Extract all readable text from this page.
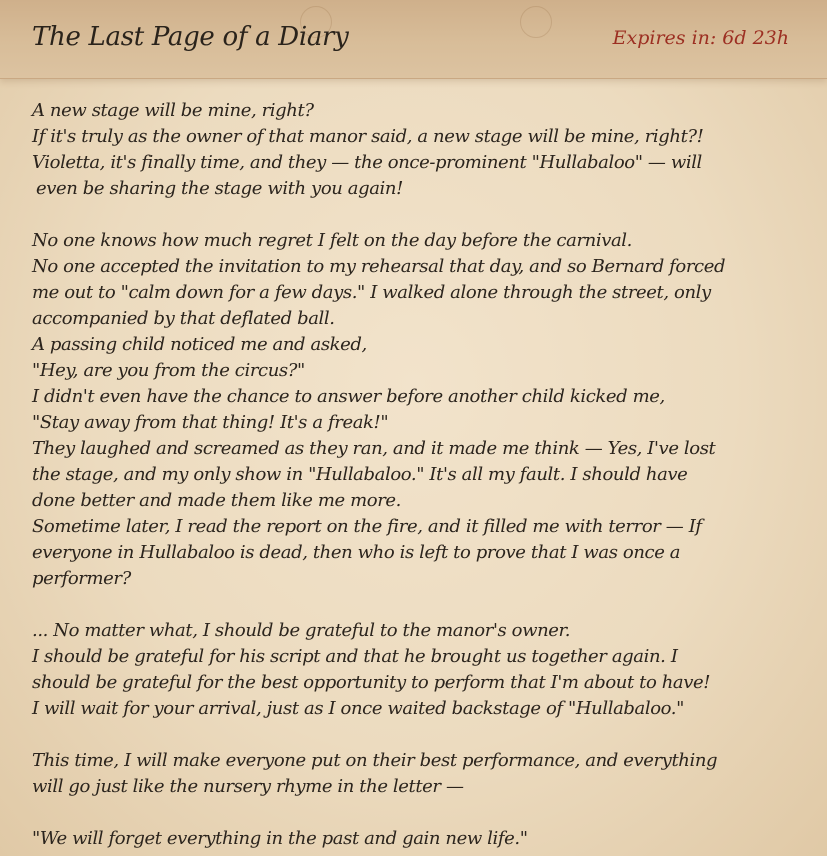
The Last Page of a Diary	Expires in: 6d 23h

A new stage will be mine, right?
If it's truly as the owner of that manor said, a new stage will be mine, right?!
Violetta, it's finally time, and they — the once-prominent "Hullabaloo" — will
even be sharing the stage with you again!

No one knows how much regret I felt on the day before the carnival.
No one accepted the invitation to my rehearsal that day, and so Bernard forced
me out to "calm down for a few days." I walked alone through the street, only
accompanied by that deflated ball.
A passing child noticed me and asked,
"Hey, are you from the circus?"
I didn't even have the chance to answer before another child kicked me,
"Stay away from that thing! It's a freak!"
They laughed and screamed as they ran, and it made me think — Yes, I've lost
the stage, and my only show in "Hullabaloo." It's all my fault. I should have
done better and made them like me more.
Sometime later, I read the report on the fire, and it filled me with terror — If
everyone in Hullabaloo is dead, then who is left to prove that I was once a
performer?

... No matter what, I should be grateful to the manor's owner.
I should be grateful for his script and that he brought us together again. I
should be grateful for the best opportunity to perform that I'm about to have!
I will wait for your arrival, just as I once waited backstage of "Hullabaloo."

This time, I will make everyone put on their best performance, and everything
will go just like the nursery rhyme in the letter —

"We will forget everything in the past and gain new life."
